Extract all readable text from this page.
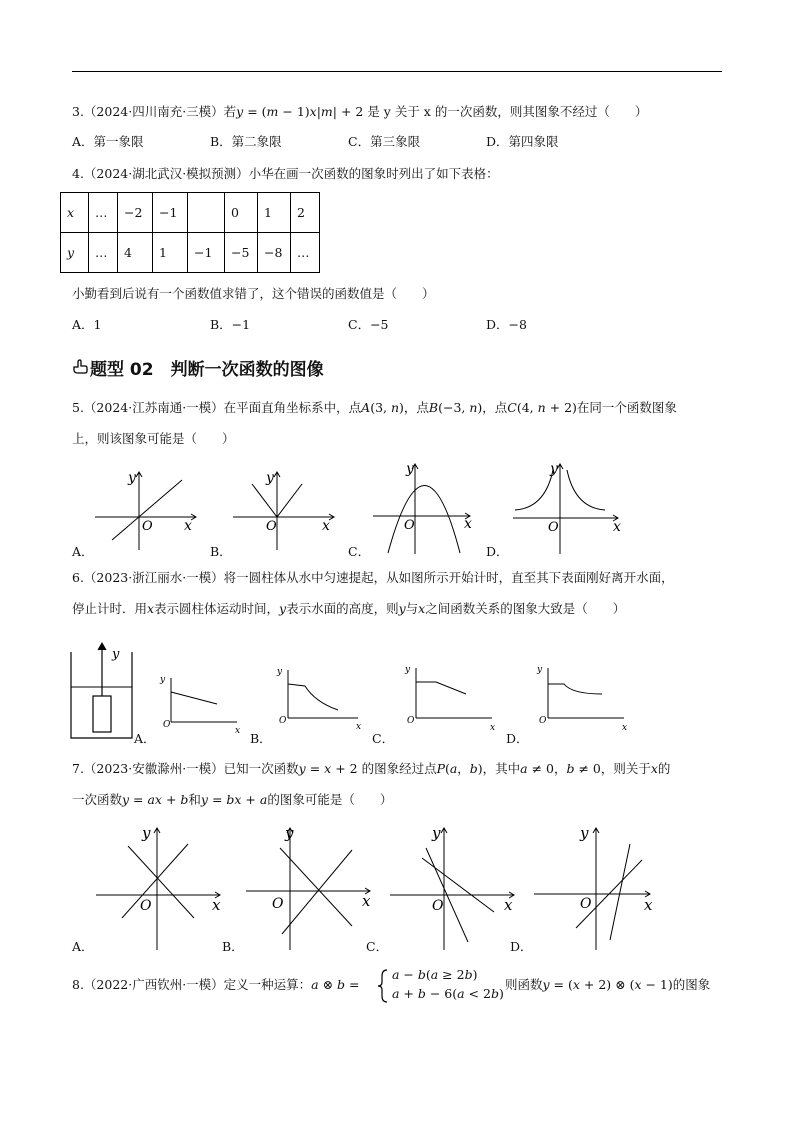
3.（2024·四川南充·三模）若𝑦 = (𝑚 − 1)𝑥|𝑚| + 2 是 y 关于 x 的一次函数，则其图象不经过（　　）
A．第一象限	B．第二象限	C．第三象限	D．第四象限
4.（2024·湖北武汉·模拟预测）小华在画一次函数的图象时列出了如下表格：
x	…	−2	−1		0	1	2
y	…	4	1	−1	−5	−8	…
小勤看到后说有一个函数值求错了，这个错误的函数值是（　　）
A．1	B．−1	C．−5	D．−8
题型 02　判断一次函数的图像
5.（2024·江苏南通·一模）在平面直角坐标系中，点𝐴(3, 𝑛)，点𝐵(−3, 𝑛)，点𝐶(4, 𝑛 + 2)在同一个函数图象
上，则该图象可能是（　　）
x
y
O
A．
x
y
O
B．
x
y
O
C．
x
y
O
D．
6.（2023·浙江丽水·一模）将一圆柱体从水中匀速提起，从如图所示开始计时，直至其下表面刚好离开水面，
停止计时．用𝑥表示圆柱体运动时间，𝑦表示水面的高度，则𝑦与𝑥之间函数关系的图象大致是（　　）
y
A．
y
O
x
y
O
x
B．
y
O
x
C．
y
O
x
D．
7.（2023·安徽滁州·一模）已知一次函数𝑦 = 𝑥 + 2 的图象经过点𝑃(𝑎，𝑏)，其中𝑎 ≠ 0，𝑏 ≠ 0，则关于𝑥的
一次函数𝑦 = 𝑎𝑥 + 𝑏和𝑦 = 𝑏𝑥 + 𝑎的图象可能是（　　）
x
y
O
A．
x
y
O
B．
x
y
O
C．
x
y
O
D．
8.（2022·广西钦州·一模）定义一种运算：𝑎 ⊗ 𝑏 =
𝑎 − 𝑏(𝑎 ≥ 2𝑏)
𝑎 + 𝑏 − 6(𝑎 < 2𝑏)
则函数𝑦 = (𝑥 + 2) ⊗ (𝑥 − 1)的图象
